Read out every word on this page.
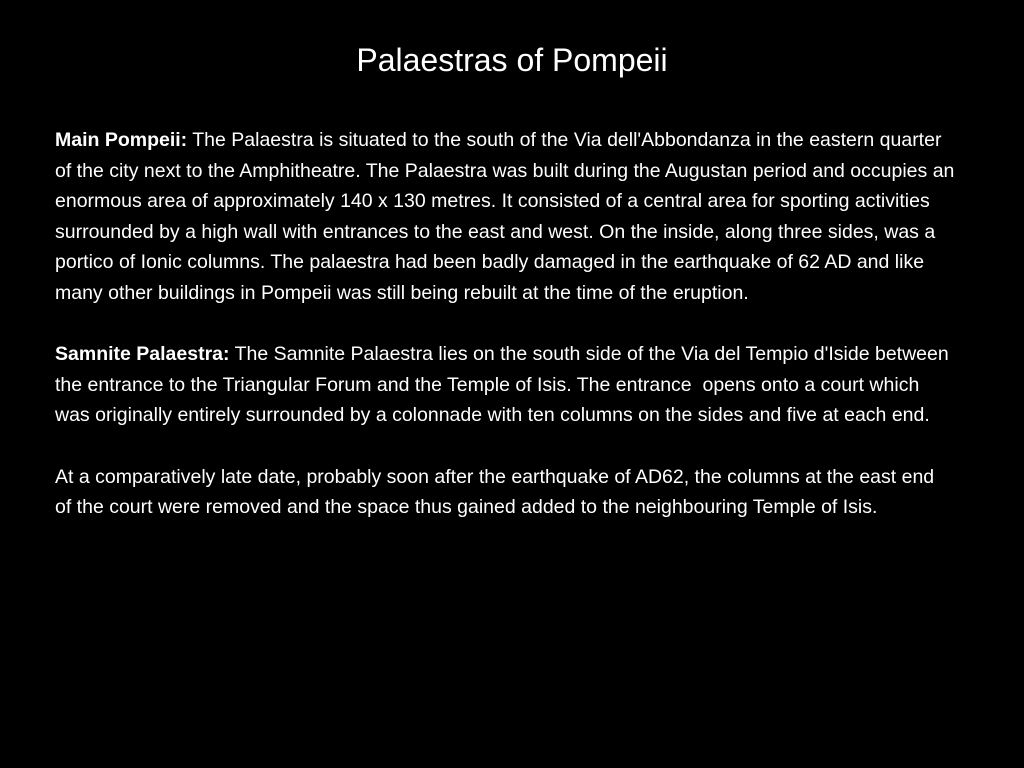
Palaestras of Pompeii

Main Pompeii: The Palaestra is situated to the south of the Via dell'Abbondanza in the eastern quarter of the city next to the Amphitheatre. The Palaestra was built during the Augustan period and occupies an enormous area of approximately 140 x 130 metres. It consisted of a central area for sporting activities surrounded by a high wall with entrances to the east and west. On the inside, along three sides, was a portico of Ionic columns. The palaestra had been badly damaged in the earthquake of 62 AD and like many other buildings in Pompeii was still being rebuilt at the time of the eruption.

Samnite Palaestra: The Samnite Palaestra lies on the south side of the Via del Tempio d'Iside between the entrance to the Triangular Forum and the Temple of Isis. The entrance  opens onto a court which was originally entirely surrounded by a colonnade with ten columns on the sides and five at each end.

At a comparatively late date, probably soon after the earthquake of AD62, the columns at the east end of the court were removed and the space thus gained added to the neighbouring Temple of Isis.
